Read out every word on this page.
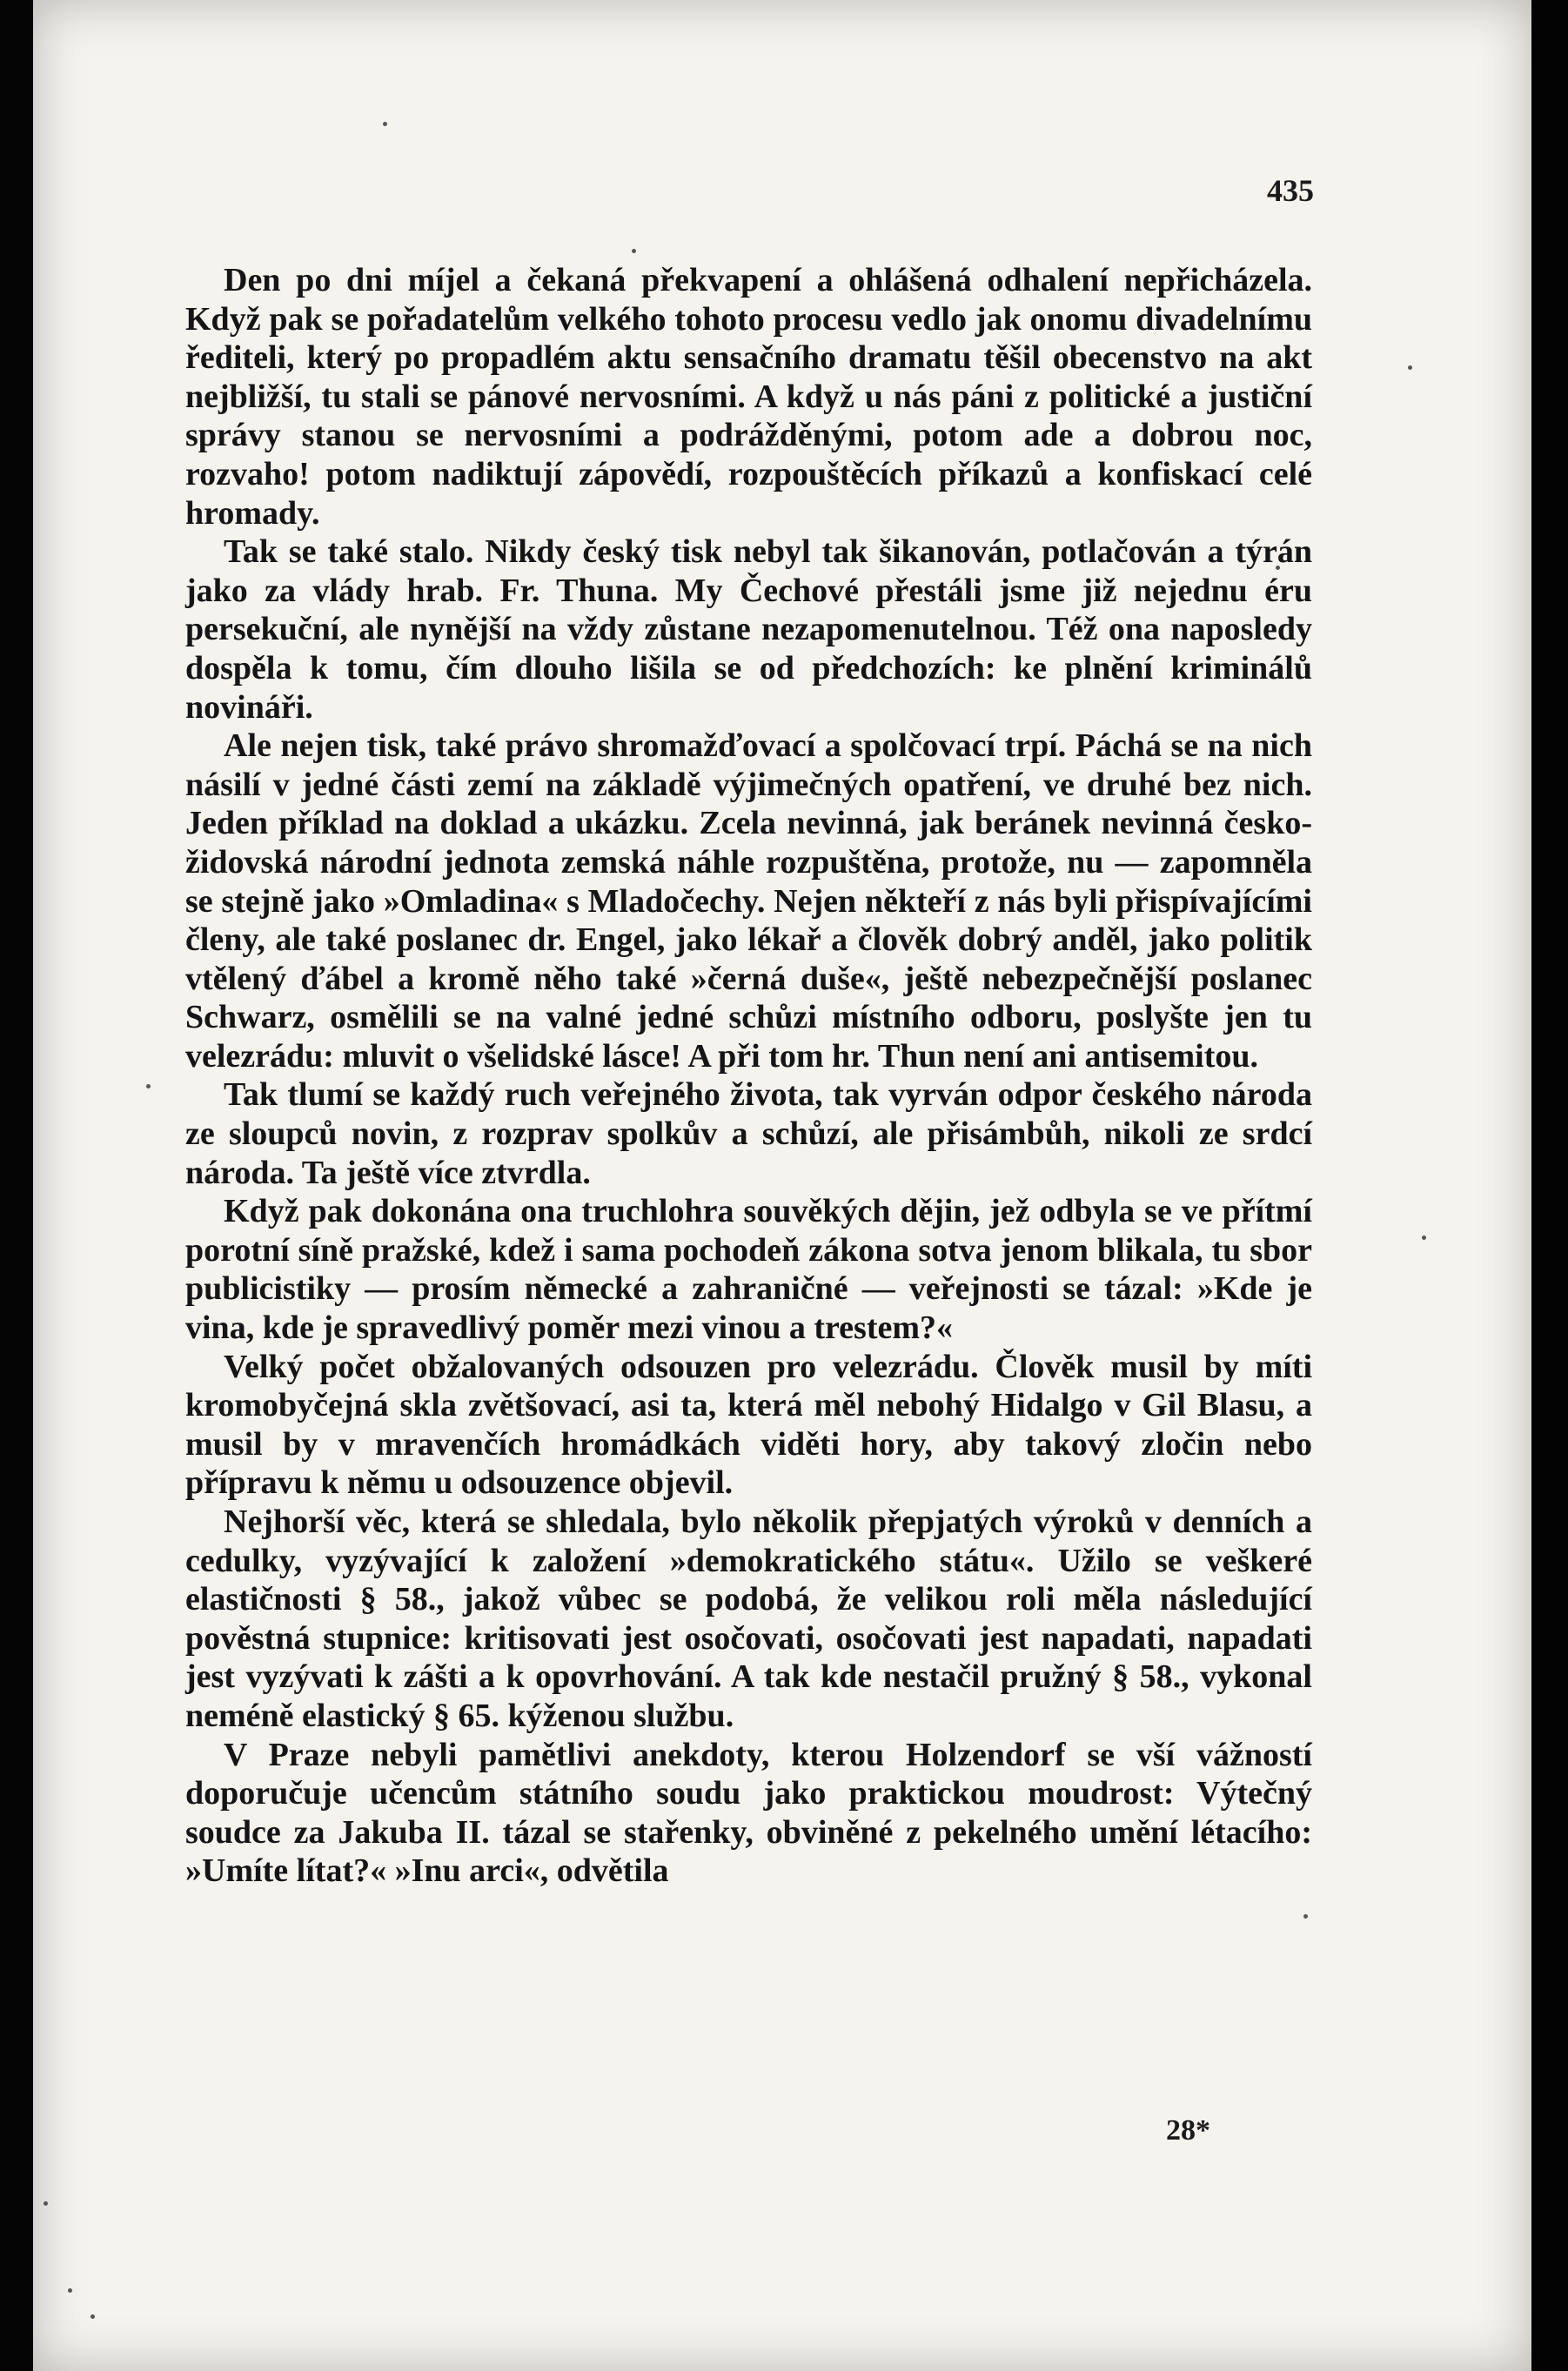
435

Den po dni míjel a čekaná překvapení a ohlášená odhalení nepřicházela. Když pak se pořadatelům velkého tohoto procesu vedlo jak onomu divadelnímu řediteli, který po propadlém aktu sensačního dramatu těšil obecenstvo na akt nejbližší, tu stali se pánové nervosními. A když u nás páni z politické a justiční správy stanou se nervosními a podrážděnými, potom ade a dobrou noc, rozvaho! potom nadiktují zápovědí, rozpouštěcích příkazů a konfiskací celé hromady.

Tak se také stalo. Nikdy český tisk nebyl tak šikanován, potlačován a týrán jako za vlády hrab. Fr. Thuna. My Čechové přestáli jsme již nejednu éru persekuční, ale nynější na vždy zůstane nezapomenutelnou. Též ona naposledy dospěla k tomu, čím dlouho lišila se od předchozích: ke plnění kriminálů novináři.

Ale nejen tisk, také právo shromažďovací a spolčovací trpí. Páchá se na nich násilí v jedné části zemí na základě výjimečných opatření, ve druhé bez nich. Jeden příklad na doklad a ukázku. Zcela nevinná, jak beránek nevinná česko-židovská národní jednota zemská náhle rozpuštěna, protože, nu — zapomněla se stejně jako »Omladina« s Mladočechy. Nejen někteří z nás byli přispívajícími členy, ale také poslanec dr. Engel, jako lékař a člověk dobrý anděl, jako politik vtělený ďábel a kromě něho také »černá duše«, ještě nebezpečnější poslanec Schwarz, osmělili se na valné jedné schůzi místního odboru, poslyšte jen tu velezrádu: mluvit o všelidské lásce! A při tom hr. Thun není ani antisemitou.

Tak tlumí se každý ruch veřejného života, tak vyrván odpor českého národa ze sloupců novin, z rozprav spolkův a schůzí, ale přisámbůh, nikoli ze srdcí národa. Ta ještě více ztvrdla.

Když pak dokonána ona truchlohra souvěkých dějin, jež odbyla se ve přítmí porotní síně pražské, kdež i sama pochodeň zákona sotva jenom blikala, tu sbor publicistiky — prosím německé a zahraničné — veřejnosti se tázal: »Kde je vina, kde je spravedlivý poměr mezi vinou a trestem?«

Velký počet obžalovaných odsouzen pro velezrádu. Člověk musil by míti kromobyčejná skla zvětšovací, asi ta, která měl nebohý Hidalgo v Gil Blasu, a musil by v mravenčích hromádkách viděti hory, aby takový zločin nebo přípravu k němu u odsouzence objevil.

Nejhorší věc, která se shledala, bylo několik přepjatých výroků v denních a cedulky, vyzývající k založení »demokratického státu«. Užilo se veškeré elastičnosti § 58., jakož vůbec se podobá, že velikou roli měla následující pověstná stupnice: kritisovati jest osočovati, osočovati jest napadati, napadati jest vyzývati k zášti a k opovrhování. A tak kde nestačil pružný § 58., vykonal neméně elastický § 65. kýženou službu.

V Praze nebyli pamětlivi anekdoty, kterou Holzendorf se vší vážností doporučuje učencům státního soudu jako praktickou moudrost: Výtečný soudce za Jakuba II. tázal se stařenky, obviněné z pekelného umění létacího: »Umíte lítat?« »Inu arci«, odvětila

28*
